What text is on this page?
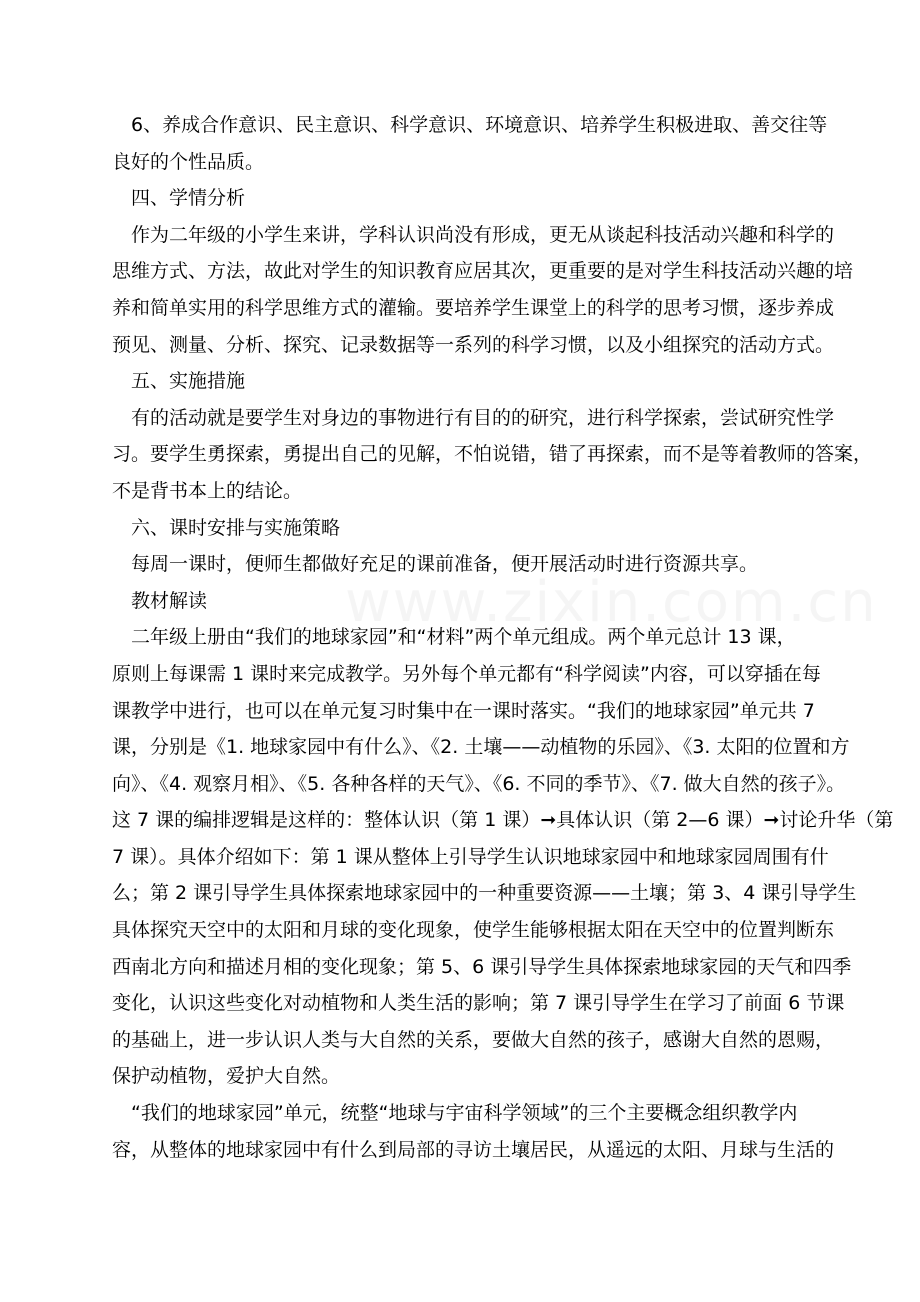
www.zixin.com.cn
6、养成合作意识、民主意识、科学意识、环境意识、培养学生积极进取、善交往等
良好的个性品质。
四、学情分析
作为二年级的小学生来讲，学科认识尚没有形成，更无从谈起科技活动兴趣和科学的
思维方式、方法，故此对学生的知识教育应居其次，更重要的是对学生科技活动兴趣的培
养和简单实用的科学思维方式的灌输。要培养学生课堂上的科学的思考习惯，逐步养成
预见、测量、分析、探究、记录数据等一系列的科学习惯，以及小组探究的活动方式。
五、实施措施
有的活动就是要学生对身边的事物进行有目的的研究，进行科学探索，尝试研究性学
习。要学生勇探索，勇提出自己的见解，不怕说错，错了再探索，而不是等着教师的答案，
不是背书本上的结论。
六、课时安排与实施策略
每周一课时，便师生都做好充足的课前准备，便开展活动时进行资源共享。
教材解读
二年级上册由“我们的地球家园”和“材料”两个单元组成。两个单元总计 13 课，
原则上每课需 1 课时来完成教学。另外每个单元都有“科学阅读”内容，可以穿插在每
课教学中进行，也可以在单元复习时集中在一课时落实。“我们的地球家园”单元共 7
课，分别是《1. 地球家园中有什么》、《2. 土壤——动植物的乐园》、《3. 太阳的位置和方
向》、《4. 观察月相》、《5. 各种各样的天气》、《6. 不同的季节》、《7. 做大自然的孩子》。
这 7 课的编排逻辑是这样的：整体认识（第 1 课）➞具体认识（第 2—6 课）➞讨论升华（第
7 课）。具体介绍如下：第 1 课从整体上引导学生认识地球家园中和地球家园周围有什
么；第 2 课引导学生具体探索地球家园中的一种重要资源——土壤；第 3、4 课引导学生
具体探究天空中的太阳和月球的变化现象，使学生能够根据太阳在天空中的位置判断东
西南北方向和描述月相的变化现象；第 5、6 课引导学生具体探索地球家园的天气和四季
变化，认识这些变化对动植物和人类生活的影响；第 7 课引导学生在学习了前面 6 节课
的基础上，进一步认识人类与大自然的关系，要做大自然的孩子，感谢大自然的恩赐，
保护动植物，爱护大自然。
“我们的地球家园”单元，统整“地球与宇宙科学领域”的三个主要概念组织教学内
容，从整体的地球家园中有什么到局部的寻访土壤居民，从遥远的太阳、月球与生活的
